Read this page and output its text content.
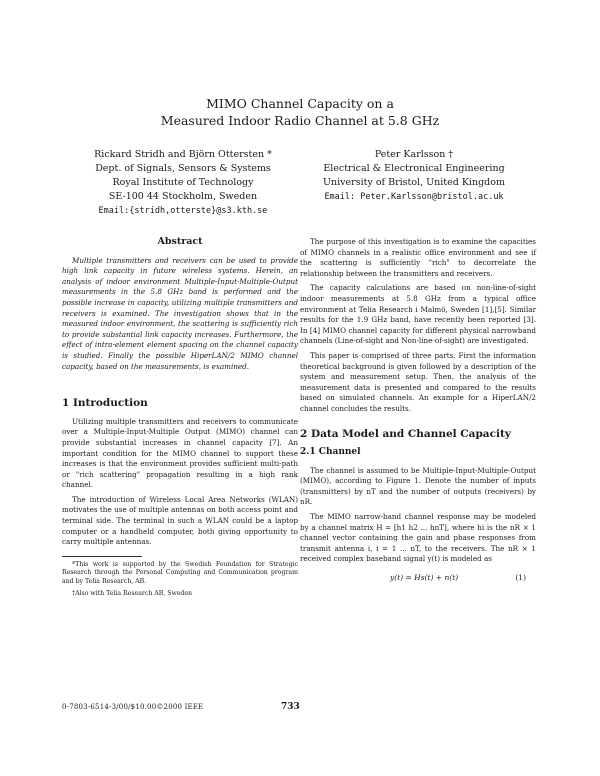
MIMO Channel Capacity on a
Measured Indoor Radio Channel at 5.8 GHz
Rickard Stridh and Björn Ottersten *
Dept. of Signals, Sensors & Systems
Royal Institute of Technology
SE-100 44 Stockholm, Sweden
Email:{stridh,otterste}@s3.kth.se
Peter Karlsson †
Electrical & Electronical Engineering
University of Bristol, United Kingdom
Email: Peter.Karlsson@bristol.ac.uk
Abstract

Multiple transmitters and receivers can be used to provide high link capacity in future wireless systems. Herein, an analysis of indoor environment Multiple-Input-Multiple-Output measurements in the 5.8 GHz band is performed and the possible increase in capacity, utilizing multiple transmitters and receivers is examined. The investigation shows that in the measured indoor environment, the scattering is sufficiently rich to provide substantial link capacity increases. Furthermore, the effect of intra-element element spacing on the channel capacity is studied. Finally the possible HiperLAN/2 MIMO channel capacity, based on the measurements, is examined.

1 Introduction

Utilizing multiple transmitters and receivers to communicate over a Multiple-Input-Multiple Output (MIMO) channel can provide substantial increases in channel capacity [7]. An important condition for the MIMO channel to support these increases is that the environment provides sufficient multi-path or "rich scattering" propagation resulting in a high rank channel.

The introduction of Wireless Local Area Networks (WLAN) motivates the use of multiple antennas on both access point and terminal side. The terminal in such a WLAN could be a laptop computer or a handheld computer, both giving opportunity to carry multiple antennas.

*This work is supported by the Swedish Foundation for Strategic Research through the Personal Computing and Communication program and by Telia Research, AB.

†Also with Telia Research AB, Sweden

The purpose of this investigation is to examine the capacities of MIMO channels in a realistic office environment and see if the scattering is sufficiently "rich" to decorrelate the relationship between the transmitters and receivers.

The capacity calculations are based on non-line-of-sight indoor measurements at 5.8 GHz from a typical office environment at Telia Research i Malmö, Sweden [1],[5]. Similar results for the 1.9 GHz band, have recently been reported [3]. In [4] MIMO channel capacity for different physical narrowband channels (Line-of-sight and Non-line-of-sight) are investigated.

This paper is comprised of three parts. First the information theoretical background is given followed by a description of the system and measurement setup. Then, the analysis of the measurement data is presented and compared to the results based on simulated channels. An example for a HiperLAN/2 channel concludes the results.

2 Data Model and Channel Capacity
2.1 Channel

The channel is assumed to be Multiple-Input-Multiple-Output (MIMO), according to Figure 1. Denote the number of inputs (transmitters) by nT and the number of outputs (receivers) by nR.

The MIMO narrow-band channel response may be modeled by a channel matrix H = [h1 h2 ... hnT], where hi is the nR × 1 channel vector containing the gain and phase responses from transmit antenna i, i = 1 ... nT, to the receivers. The nR × 1 received complex baseband signal y(t) is modeled as

y(t) = Hs(t) + n(t)	(1)
0-7803-6514-3/00/$10.00©2000 IEEE	733
